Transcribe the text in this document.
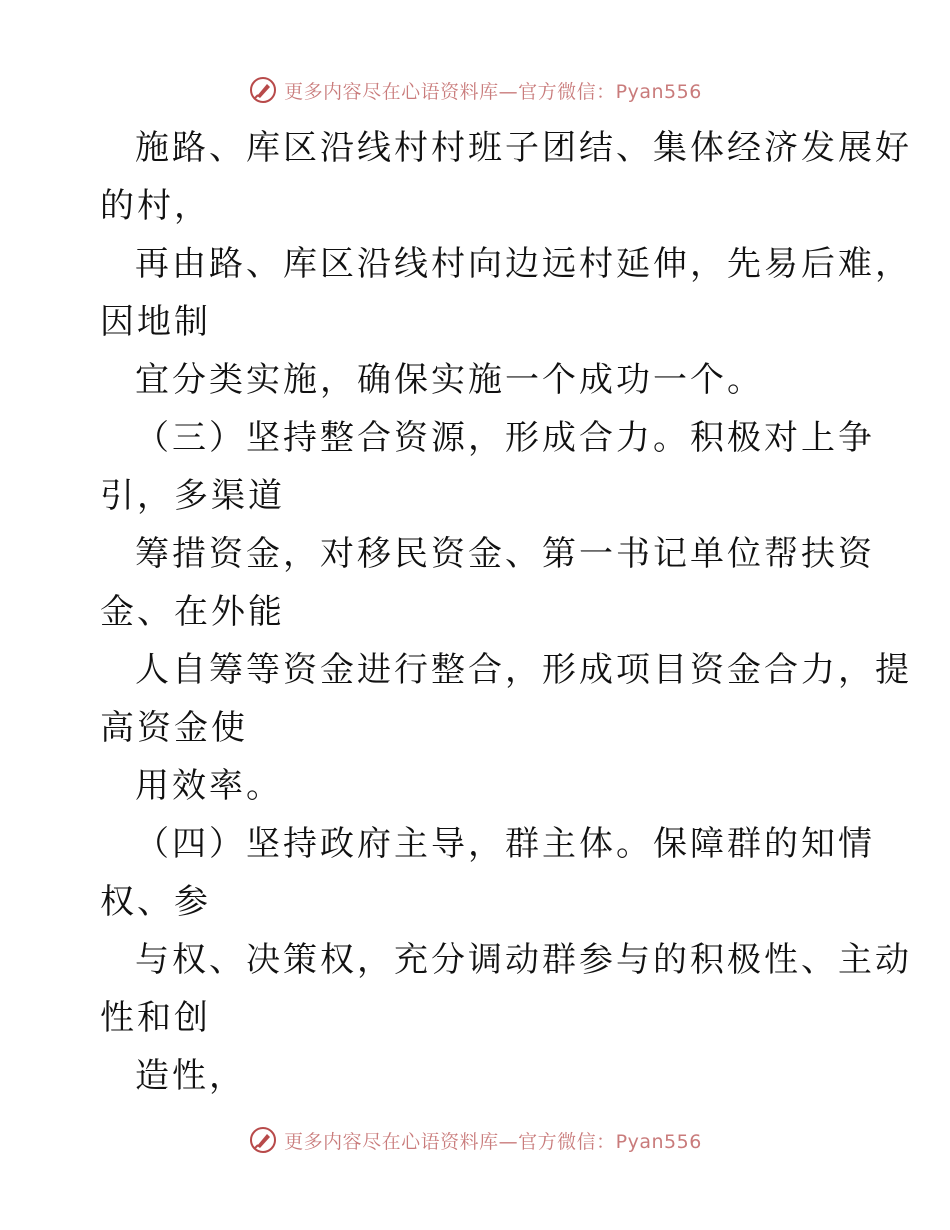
更多内容尽在心语资料库—官方微信：Pyan556
施路、库区沿线村村班子团结、集体经济发展好
的村，
再由路、库区沿线村向边远村延伸，先易后难，
因地制
宜分类实施，确保实施一个成功一个。
（三）坚持整合资源，形成合力。积极对上争
引，多渠道
筹措资金，对移民资金、第一书记单位帮扶资
金、在外能
人自筹等资金进行整合，形成项目资金合力，提
高资金使
用效率。
（四）坚持政府主导，群主体。保障群的知情
权、参
与权、决策权，充分调动群参与的积极性、主动
性和创
造性，
更多内容尽在心语资料库—官方微信：Pyan556
